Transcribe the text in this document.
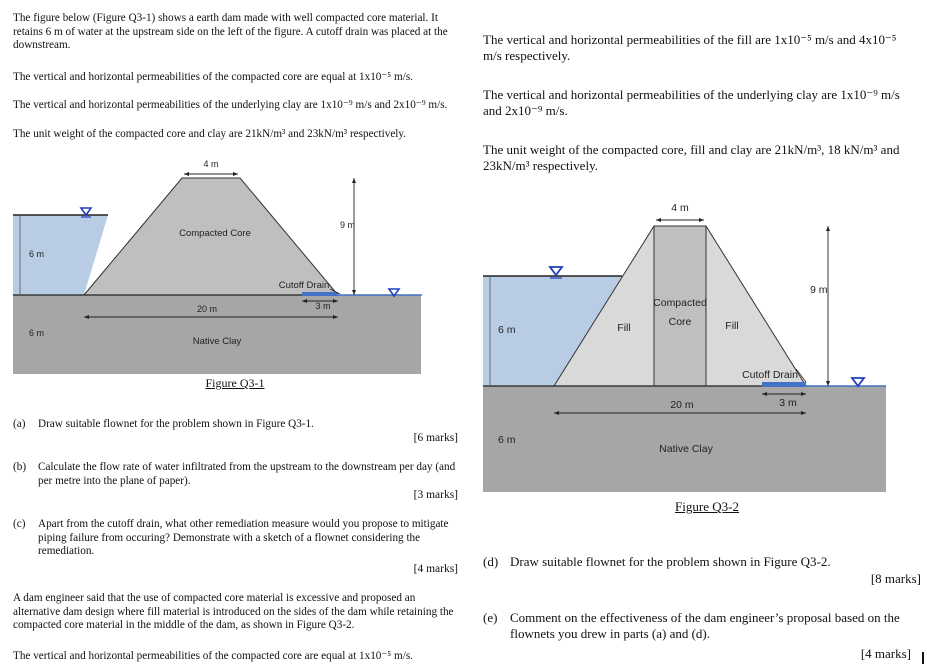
The figure below (Figure Q3-1) shows a earth dam made with well compacted core material. It retains 6 m of water at the upstream side on the left of the figure. A cutoff drain was placed at the downstream.

The vertical and horizontal permeabilities of the compacted core are equal at 1x10⁻⁵ m/s.

The vertical and horizontal permeabilities of the underlying clay are 1x10⁻⁹ m/s and 2x10⁻⁹ m/s.

The unit weight of the compacted core and clay are 21kN/m³ and 23kN/m³ respectively.

4 m
9 m
6 m
6 m
20 m	3 m
Compacted Core
Cutoff Drain
Native Clay
Figure Q3-1
(a) Draw suitable flownet for the problem shown in Figure Q3-1.

[6 marks]
(b) Calculate the flow rate of water infiltrated from the upstream to the downstream per day (and per metre into the plane of paper).

[3 marks]
(c) Apart from the cutoff drain, what other remediation measure would you propose to mitigate piping failure from occuring? Demonstrate with a sketch of a flownet considering the remediation.

[4 marks]

A dam engineer said that the use of compacted core material is excessive and proposed an alternative dam design where fill material is introduced on the sides of the dam while retaining the compacted core material in the middle of the dam, as shown in Figure Q3-2.

The vertical and horizontal permeabilities of the compacted core are equal at 1x10⁻⁵ m/s.

The vertical and horizontal permeabilities of the fill are 1x10⁻⁵ m/s and 4x10⁻⁵ m/s respectively.

The vertical and horizontal permeabilities of the underlying clay are 1x10⁻⁹ m/s and 2x10⁻⁹ m/s.

The unit weight of the compacted core, fill and clay are 21kN/m³, 18 kN/m³ and 23kN/m³ respectively.

4 m
9 m
6 m
6 m
20 m	3 m
Compacted
Core
Fill	Fill
Cutoff Drain
Native Clay
Figure Q3-2
(d) Draw suitable flownet for the problem shown in Figure Q3-2.

[8 marks]
(e) Comment on the effectiveness of the dam engineer’s proposal based on the flownets you drew in parts (a) and (d).

[4 marks]
